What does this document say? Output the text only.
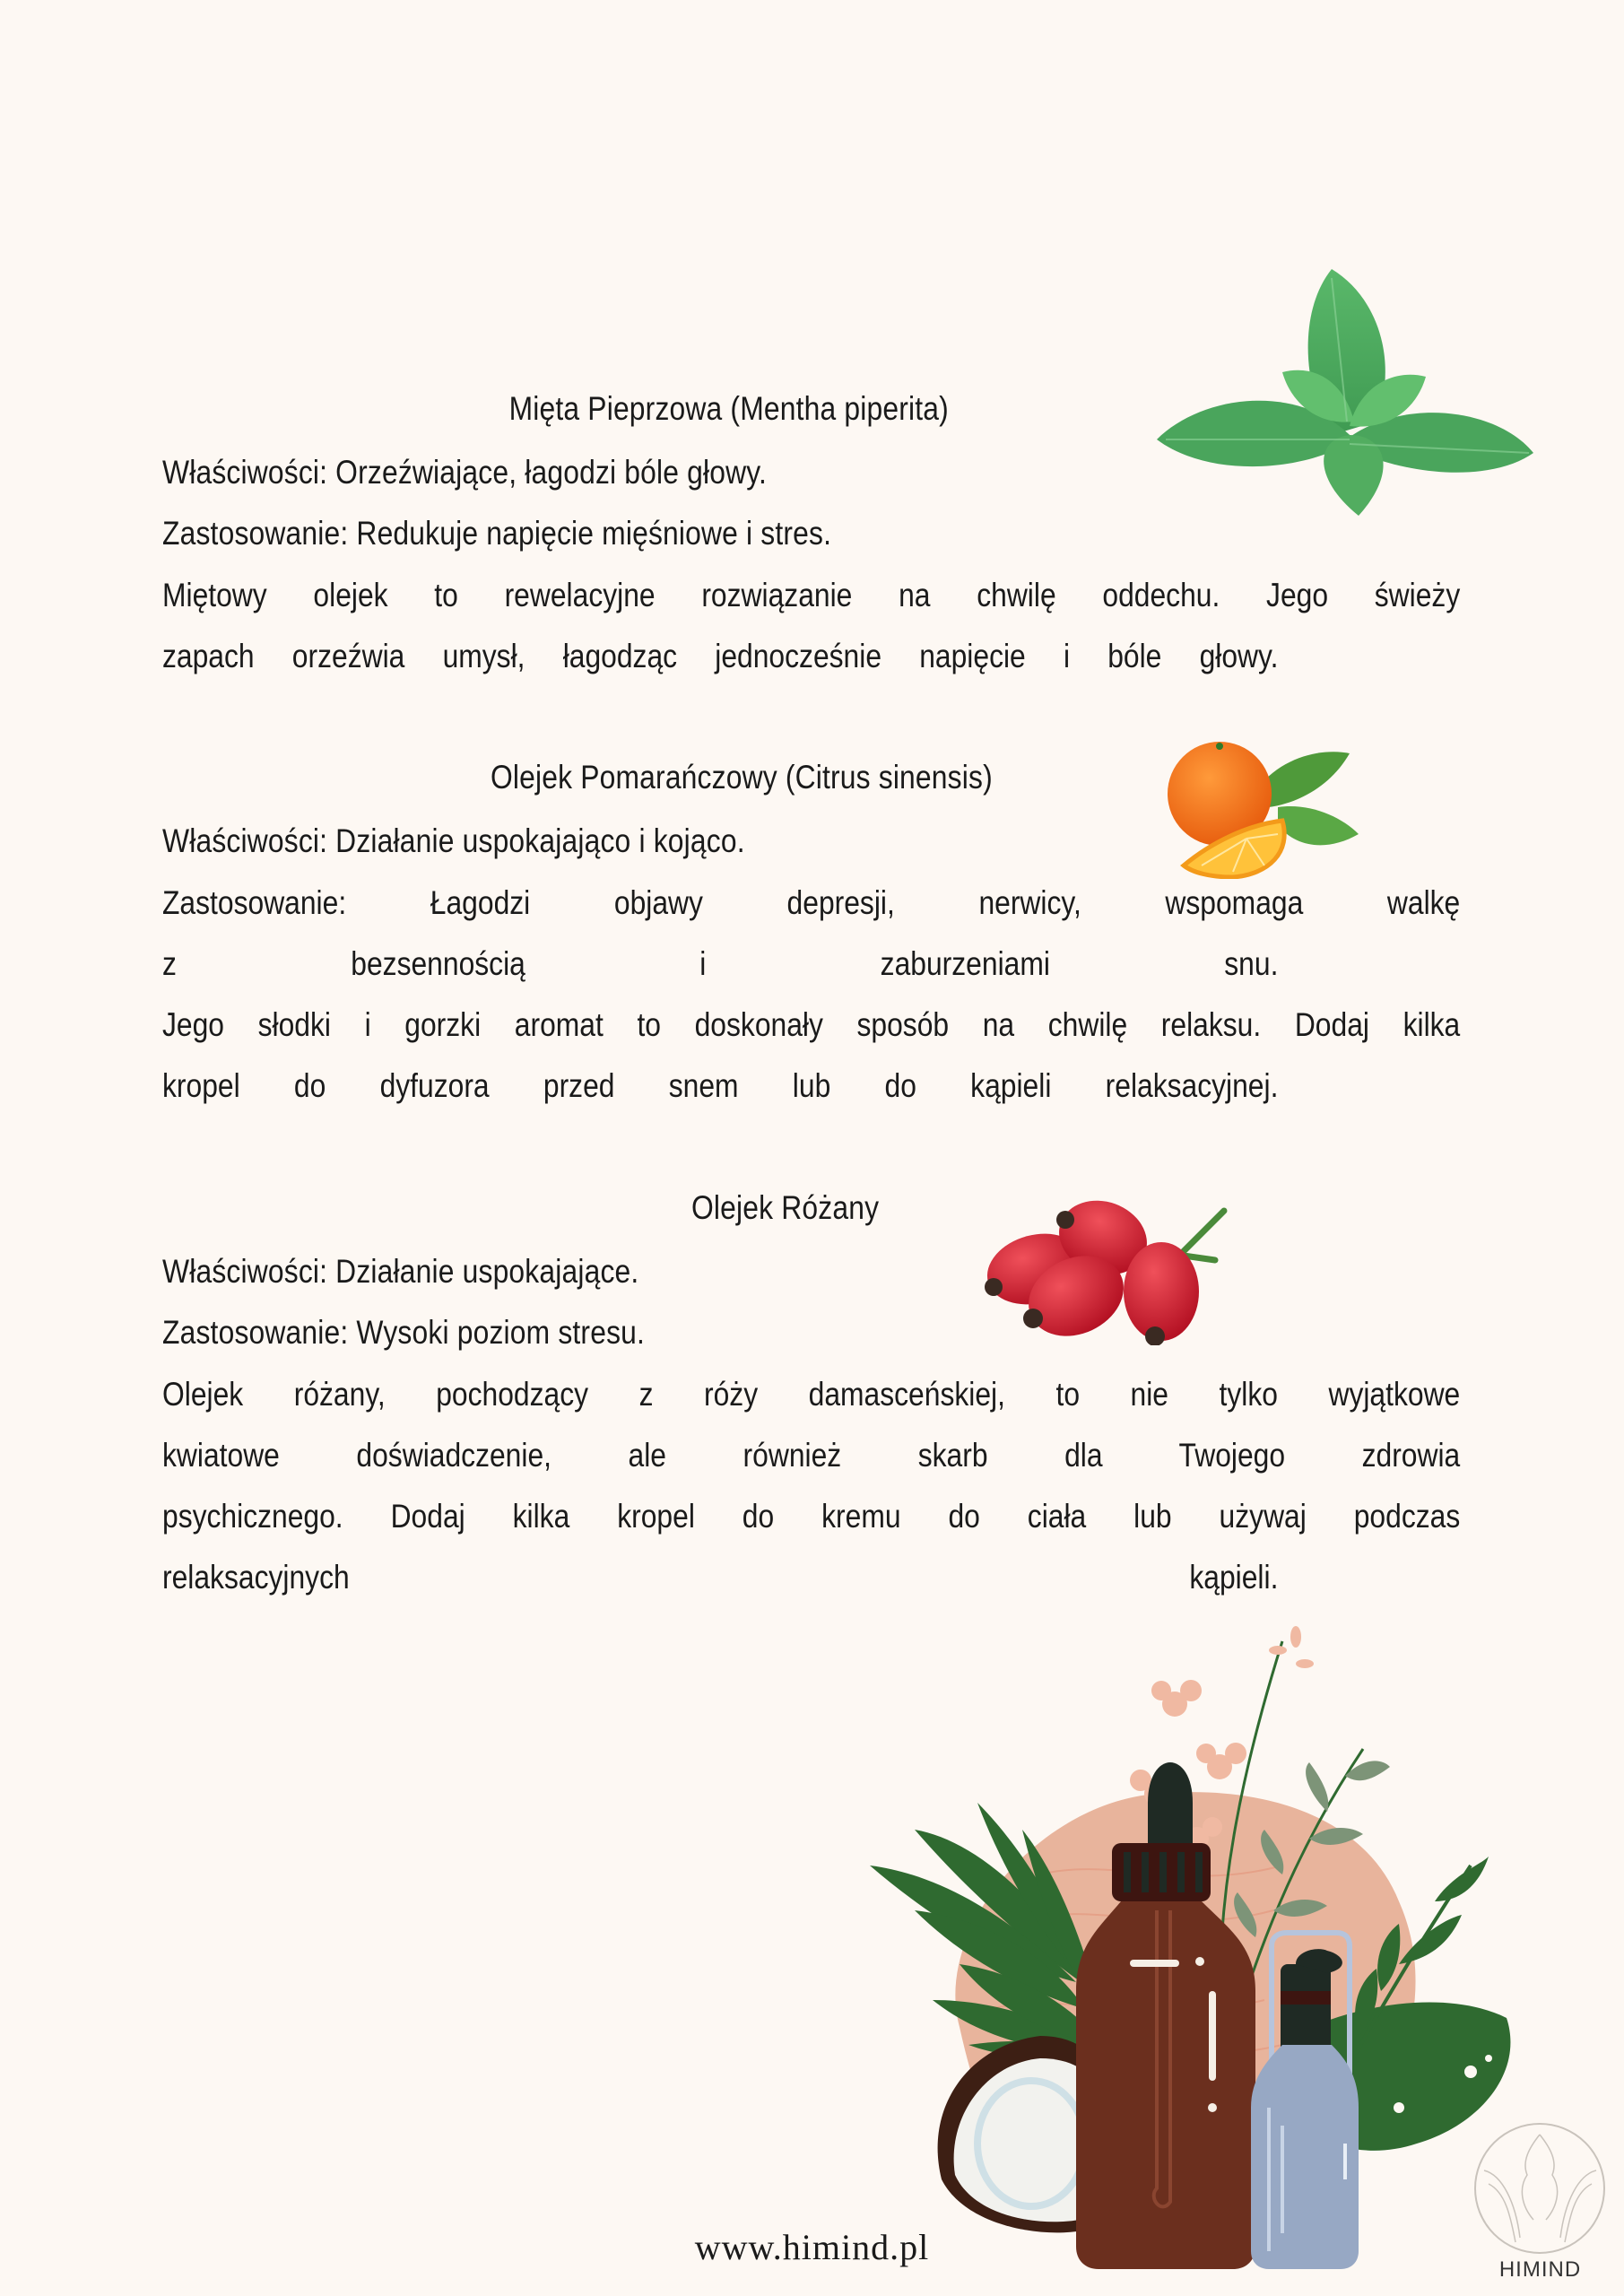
Mięta Pieprzowa (Mentha piperita)
Właściwości: Orzeźwiające, łagodzi bóle głowy.
Zastosowanie: Redukuje napięcie mięśniowe i stres.
Miętowy olejek to rewelacyjne rozwiązanie na chwilę oddechu. Jego świeży
zapach orzeźwia umysł, łagodząc jednocześnie napięcie i bóle głowy.
Olejek Pomarańczowy (Citrus sinensis)
Właściwości: Działanie uspokajająco i kojąco.
Zastosowanie: Łagodzi objawy depresji, nerwicy, wspomaga walkę
z bezsennością i zaburzeniami snu.
Jego słodki i gorzki aromat to doskonały sposób na chwilę relaksu. Dodaj kilka
kropel do dyfuzora przed snem lub do kąpieli relaksacyjnej.
Olejek Różany
Właściwości: Działanie uspokajające.
Zastosowanie: Wysoki poziom stresu.
Olejek różany, pochodzący z róży damasceńskiej, to nie tylko wyjątkowe
kwiatowe doświadczenie, ale również skarb dla Twojego zdrowia
psychicznego. Dodaj kilka kropel do kremu do ciała lub używaj podczas
relaksacyjnych kąpieli.
www.himind.pl
HIMIND
